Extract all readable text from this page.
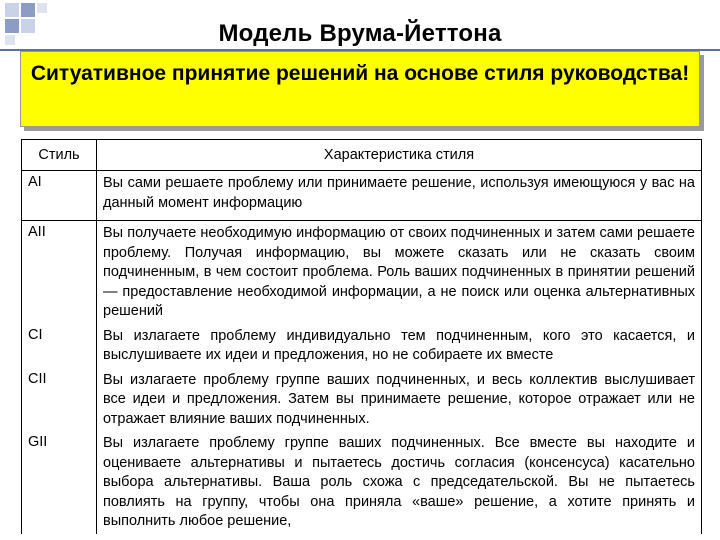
Модель Врума-Йеттона
Ситуативное принятие решений на основе стиля руководства!
Стиль	Характеристика стиля
AI	Вы сами решаете проблему или принимаете решение, используя имеющуюся у вас на данный момент информацию
AII	Вы получаете необходимую информацию от своих подчиненных и затем сами решаете проблему. Получая информацию, вы можете сказать или не сказать своим подчиненным, в чем состоит проблема. Роль ваших подчиненных в принятии решений — предоставление необходимой информации, а не поиск или оценка альтернативных решений
CI	Вы излагаете проблему индивидуально тем подчиненным, кого это касается, и выслушиваете их идеи и предложения, но не собираете их вместе
CII	Вы излагаете проблему группе ваших подчиненных, и весь коллектив выслушивает все идеи и предложения. Затем вы принимаете решение, которое отражает или не отражает влияние ваших подчиненных.
GII	Вы излагаете проблему группе ваших подчиненных. Все вместе вы находите и оцениваете альтернативы и пытаетесь достичь согласия (консенсуса) касательно выбора альтернативы. Ваша роль схожа с председательской. Вы не пытаетесь повлиять на группу, чтобы она приняла «ваше» решение, а хотите принять и выполнить любое решение,
